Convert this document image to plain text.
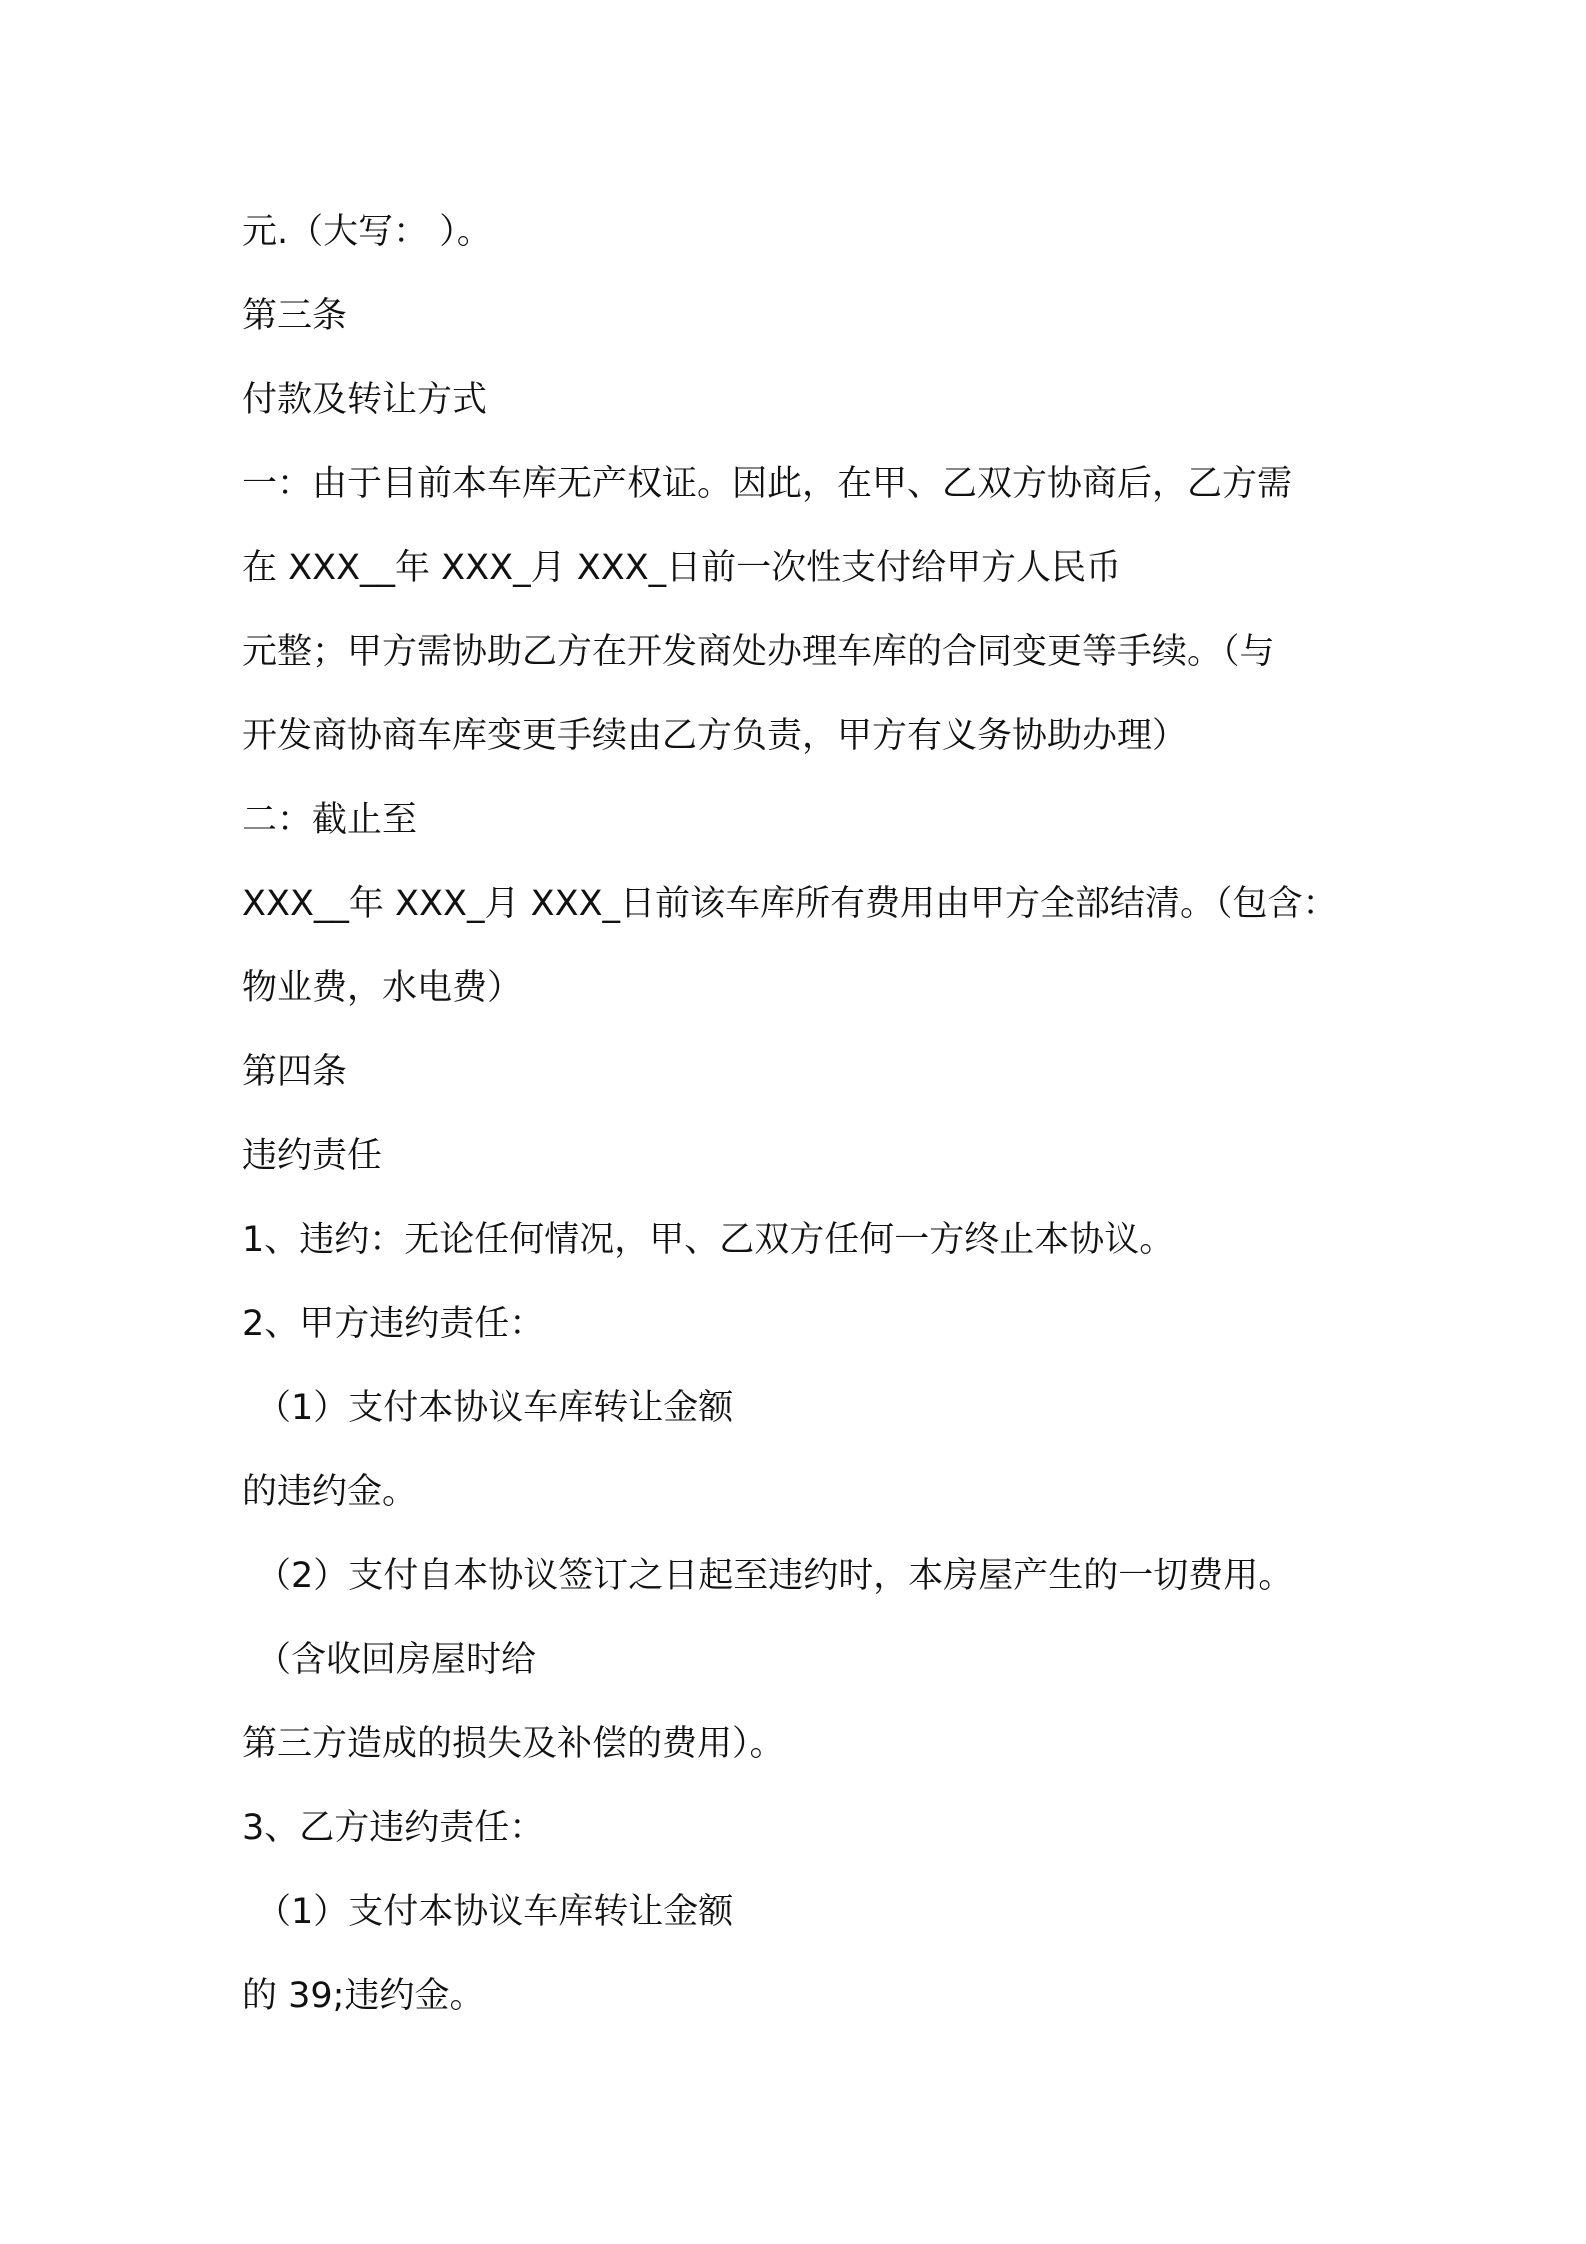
元.（大写： ）。

第三条

付款及转让方式

一：由于目前本车库无产权证。因此，在甲、乙双方协商后，乙方需

在 XXX__年 XXX_月 XXX_日前一次性支付给甲方人民币

元整；甲方需协助乙方在开发商处办理车库的合同变更等手续。（与

开发商协商车库变更手续由乙方负责，甲方有义务协助办理）

二：截止至

XXX__年 XXX_月 XXX_日前该车库所有费用由甲方全部结清。（包含：

物业费，水电费）

第四条

违约责任

1、违约：无论任何情况，甲、乙双方任何一方终止本协议。

2、甲方违约责任：

（1）支付本协议车库转让金额

的违约金。

（2）支付自本协议签订之日起至违约时，本房屋产生的一切费用。

（含收回房屋时给

第三方造成的损失及补偿的费用）。

3、乙方违约责任：

（1）支付本协议车库转让金额

的 39;违约金。
